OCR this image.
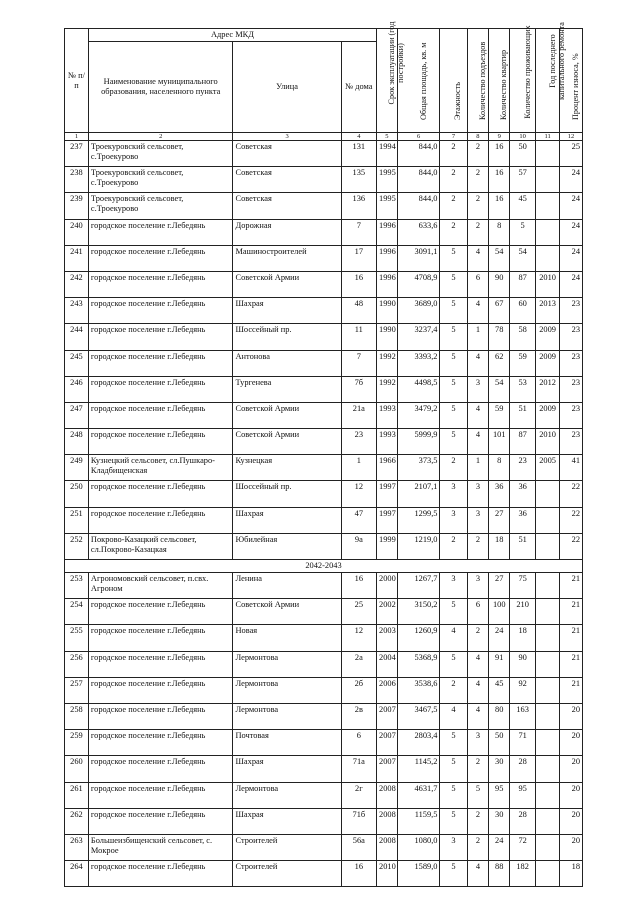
№ п/п	Адрес МКД			Срок эксплуатации (год постройки)	Общая площадь, кв. м	Этажность	Количество подъездов	Количество квартир	Количество проживающих	Год последнего капитального ремонта	Процент износа, %

	Наименование муниципального образования, населенного пункта	Улица	№ дома								
1	2	3	4	5	6	7	8	9	10	11	12
237	Троекуровский сельсовет, с.Троекурово	Советская	131	1994	844,0	2	2	16	50		25
238	Троекуровский сельсовет, с.Троекурово	Советская	135	1995	844,0	2	2	16	57		24
239	Троекуровский сельсовет, с.Троекурово	Советская	136	1995	844,0	2	2	16	45		24
240	городское поселение г.Лебедянь	Дорожная	7	1996	633,6	2	2	8	5		24
241	городское поселение г.Лебедянь	Машиностроителей	17	1996	3091,1	5	4	54	54		24
242	городское поселение г.Лебедянь	Советской Армии	16	1996	4708,9	5	6	90	87	2010	24
243	городское поселение г.Лебедянь	Шахрая	48	1990	3689,0	5	4	67	60	2013	23
244	городское поселение г.Лебедянь	Шоссейный пр.	11	1990	3237,4	5	1	78	58	2009	23
245	городское поселение г.Лебедянь	Антонова	7	1992	3393,2	5	4	62	59	2009	23
246	городское поселение г.Лебедянь	Тургенева	7б	1992	4498,5	5	3	54	53	2012	23
247	городское поселение г.Лебедянь	Советской Армии	21а	1993	3479,2	5	4	59	51	2009	23
248	городское поселение г.Лебедянь	Советской Армии	23	1993	5999,9	5	4	101	87	2010	23
249	Кузнецкий сельсовет, сл.Пушкаро-Кладбищенская	Кузнецкая	1	1966	373,5	2	1	8	23	2005	41
250	городское поселение г.Лебедянь	Шоссейный пр.	12	1997	2107,1	3	3	36	36		22
251	городское поселение г.Лебедянь	Шахрая	47	1997	1299,5	3	3	27	36		22
252	Покрово-Казацкий сельсовет, сл.Покрово-Казацкая	Юбилейная	9а	1999	1219,0	2	2	18	51		22
2042-2043											
253	Агрономовский сельсовет, п.свх. Агроном	Ленина	16	2000	1267,7	3	3	27	75		21
254	городское поселение г.Лебедянь	Советской Армии	25	2002	3150,2	5	6	100	210		21
255	городское поселение г.Лебедянь	Новая	12	2003	1260,9	4	2	24	18		21
256	городское поселение г.Лебедянь	Лермонтова	2а	2004	5368,9	5	4	91	90		21
257	городское поселение г.Лебедянь	Лермонтова	2б	2006	3538,6	2	4	45	92		21
258	городское поселение г.Лебедянь	Лермонтова	2в	2007	3467,5	4	4	80	163		20
259	городское поселение г.Лебедянь	Почтовая	6	2007	2803,4	5	3	50	71		20
260	городское поселение г.Лебедянь	Шахрая	71а	2007	1145,2	5	2	30	28		20
261	городское поселение г.Лебедянь	Лермонтова	2г	2008	4631,7	5	5	95	95		20
262	городское поселение г.Лебедянь	Шахрая	71б	2008	1159,5	5	2	30	28		20
263	Большеизбищенский сельсовет, с. Мокрое	Строителей	56а	2008	1080,0	3	2	24	72		20
264	городское поселение г.Лебедянь	Строителей	16	2010	1589,0	5	4	88	182		18
